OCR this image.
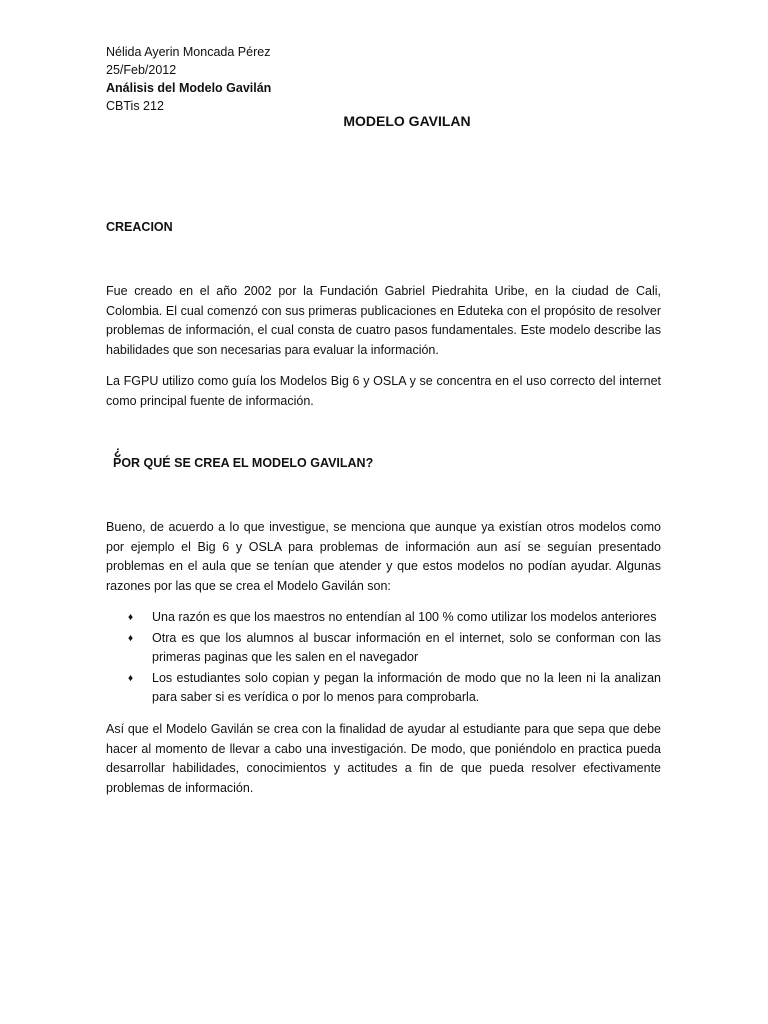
Nélida Ayerin Moncada Pérez
25/Feb/2012
Análisis del Modelo Gavilán
CBTis 212
MODELO GAVILAN
CREACION

Fue creado en el año 2002 por la Fundación Gabriel Piedrahita Uribe, en la ciudad de Cali, Colombia. El cual comenzó con sus primeras publicaciones en Eduteka con el propósito de resolver problemas de información, el cual consta de cuatro pasos fundamentales. Este modelo describe las habilidades que son necesarias para evaluar la información.

La FGPU utilizo como guía los Modelos Big 6 y OSLA y se concentra en el uso correcto del internet como principal fuente de información.

¿
POR QUÉ SE CREA EL MODELO GAVILAN?

Bueno, de acuerdo a lo que investigue, se menciona que aunque ya existían otros modelos como por ejemplo el Big 6 y OSLA para problemas de información aun así se seguían presentado problemas en el aula que se tenían que atender y que estos modelos no podían ayudar. Algunas razones por las que se crea el Modelo Gavilán son:

♦ Una razón es que los maestros no entendían al 100 % como utilizar los modelos anteriores
♦ Otra es que los alumnos al buscar información en el internet, solo se conforman con las primeras paginas que les salen en el navegador
♦ Los estudiantes solo copian y pegan la información de modo que no la leen ni la analizan para saber si es verídica o por lo menos para comprobarla.

Así que el Modelo Gavilán se crea con la finalidad de ayudar al estudiante para que sepa que debe hacer al momento de llevar a cabo una investigación. De modo, que poniéndolo en practica pueda desarrollar habilidades, conocimientos y actitudes a fin de que pueda resolver efectivamente problemas de información.
